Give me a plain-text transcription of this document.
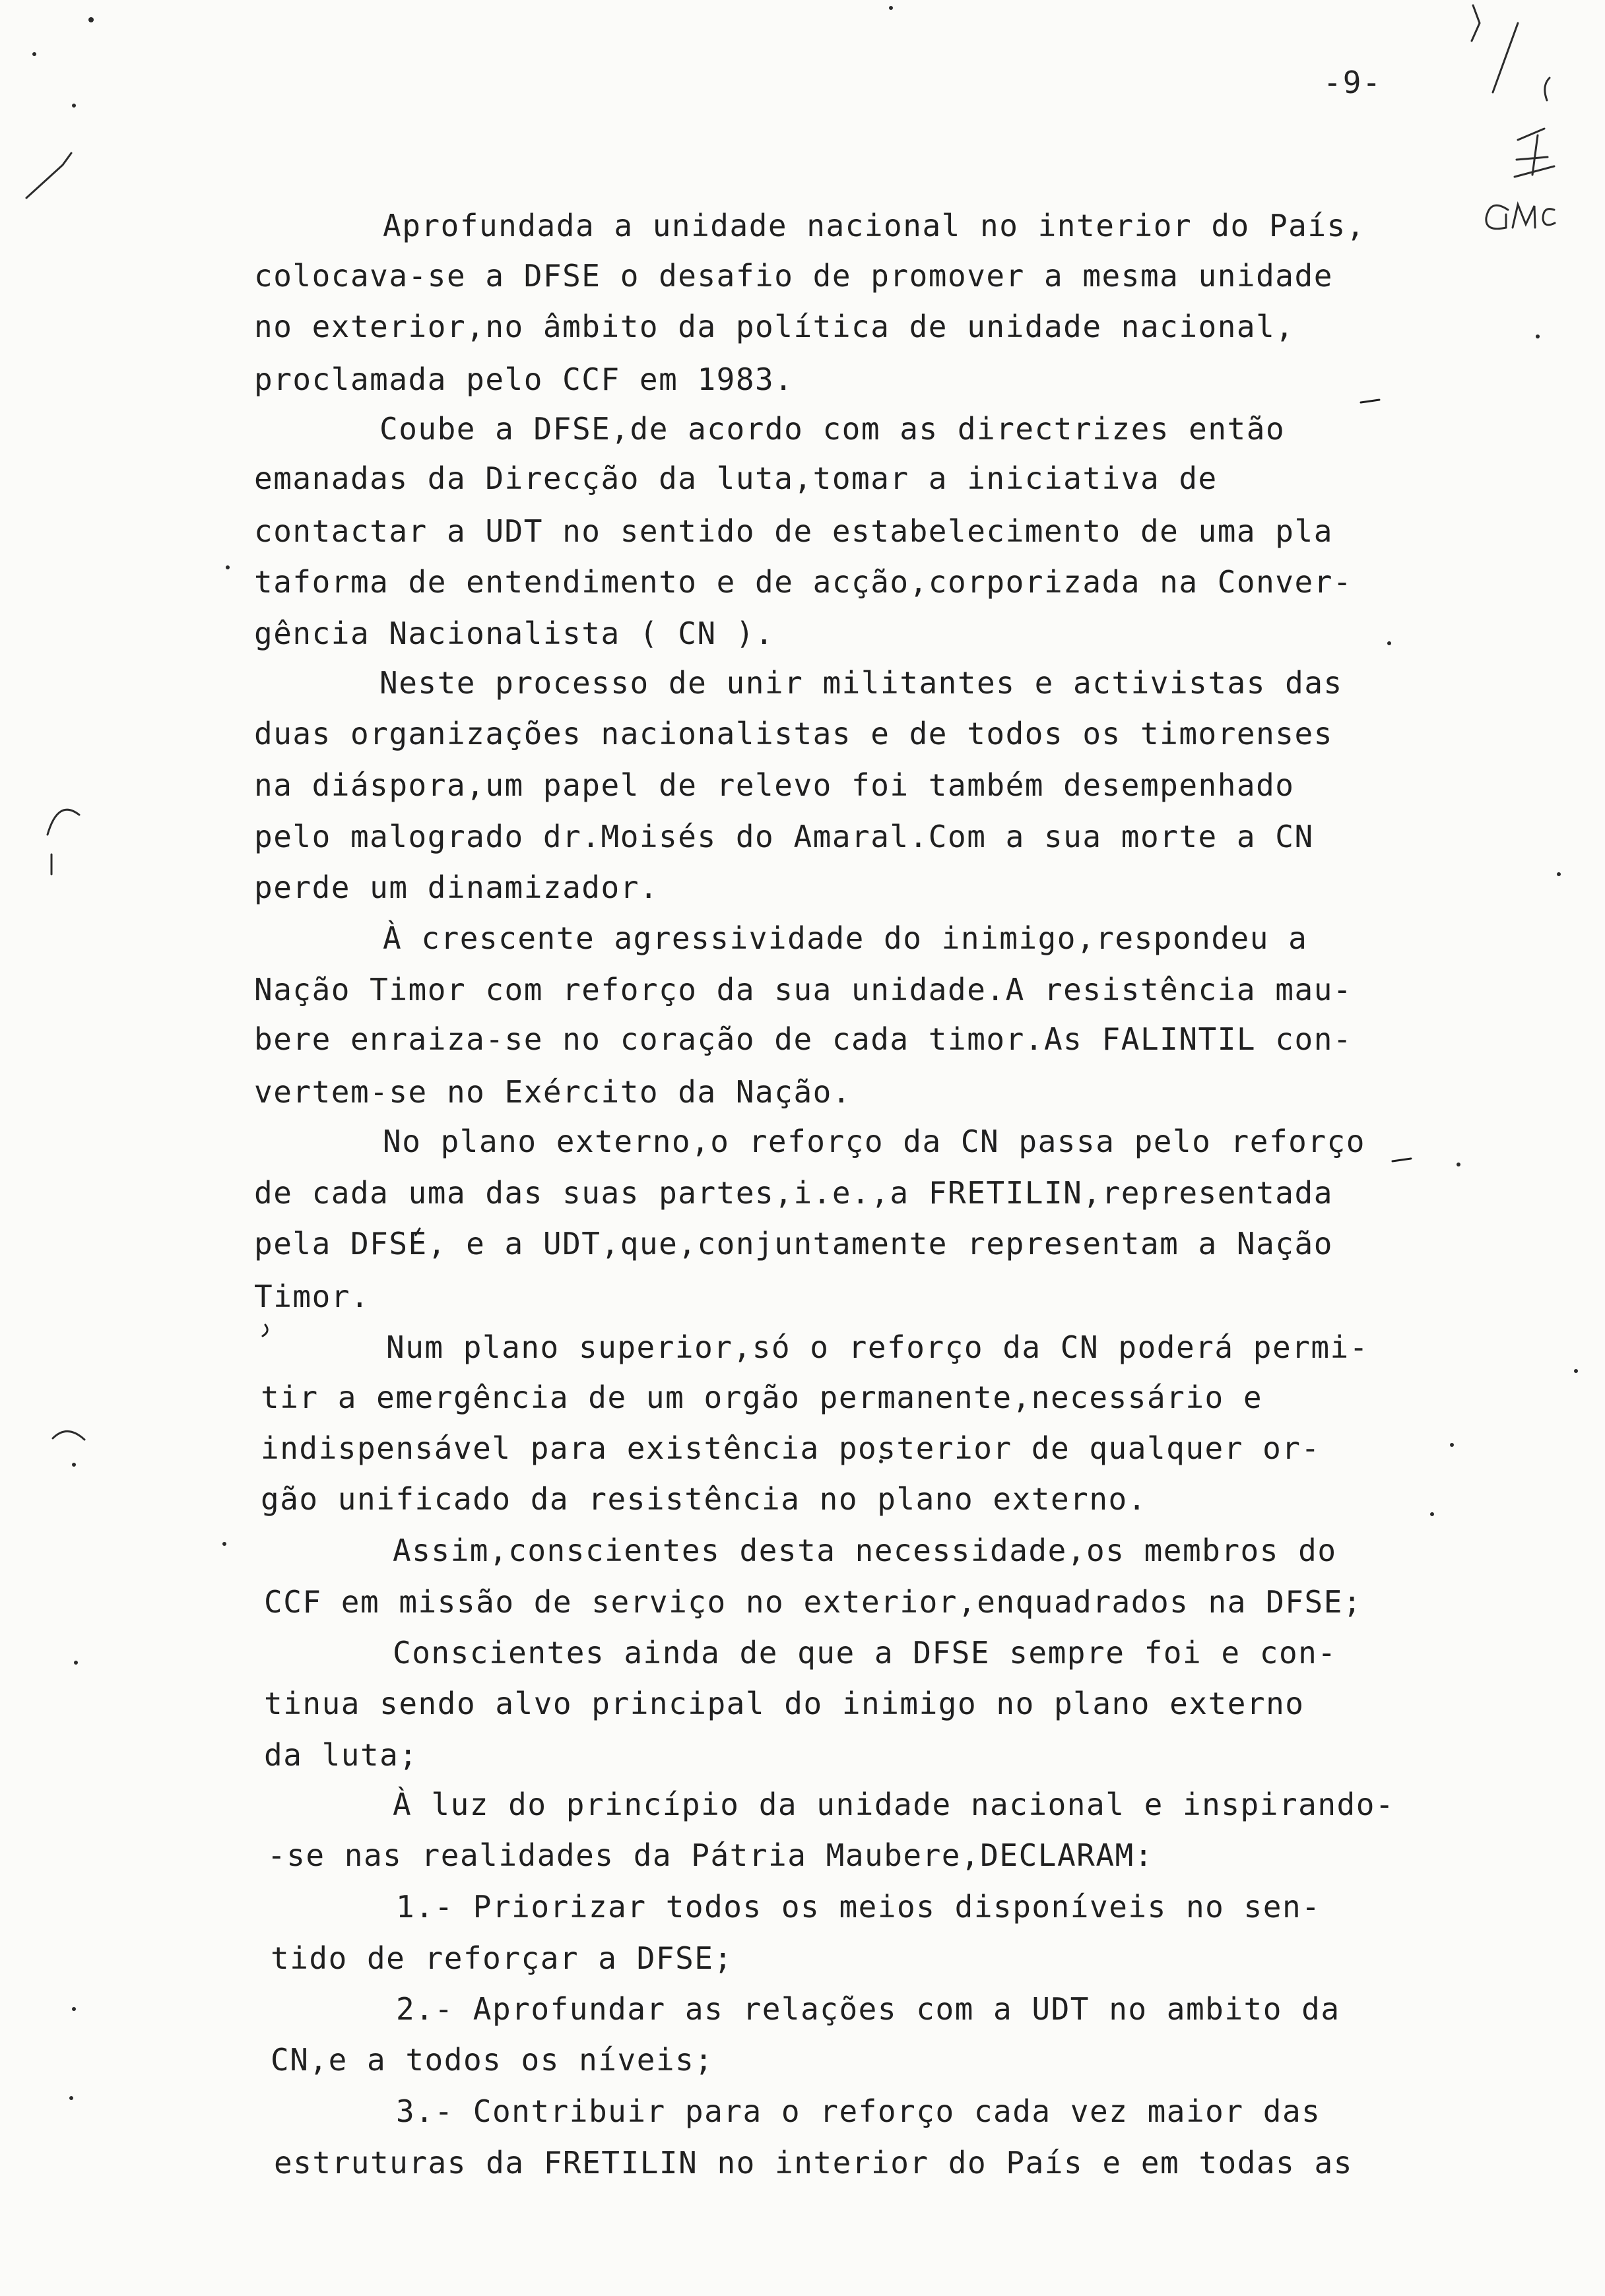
-9-
Aprofundada a unidade nacional no interior do País,
colocava-se a DFSE o desafio de promover a mesma unidade
no exterior,no âmbito da política de unidade nacional,
proclamada pelo CCF em 1983.
Coube a DFSE,de acordo com as directrizes então
emanadas da Direcção da luta,tomar a iniciativa de
contactar a UDT no sentido de estabelecimento de uma pla
taforma de entendimento e de acção,corporizada na Conver-
gência Nacionalista ( CN ).
Neste processo de unir militantes e activistas das
duas organizações nacionalistas e de todos os timorenses
na diáspora,um papel de relevo foi também desempenhado
pelo malogrado dr.Moisés do Amaral.Com a sua morte a CN
perde um dinamizador.
À crescente agressividade do inimigo,respondeu a
Nação Timor com reforço da sua unidade.A resistência mau-
bere enraiza-se no coração de cada timor.As FALINTIL con-
vertem-se no Exército da Nação.
No plano externo,o reforço da CN passa pelo reforço
de cada uma das suas partes,i.e.,a FRETILIN,representada
pela DFSE, e a UDT,que,conjuntamente representam a Nação
Timor.
Num plano superior,só o reforço da CN poderá permi-
tir a emergência de um orgão permanente,necessário e
indispensável para existência posterior de qualquer or-
gão unificado da resistência no plano externo.
Assim,conscientes desta necessidade,os membros do
CCF em missão de serviço no exterior,enquadrados na DFSE;
Conscientes ainda de que a DFSE sempre foi e con-
tinua sendo alvo principal do inimigo no plano externo
da luta;
À luz do princípio da unidade nacional e inspirando-
-se nas realidades da Pátria Maubere,DECLARAM:
1.- Priorizar todos os meios disponíveis no sen-
tido de reforçar a DFSE;
2.- Aprofundar as relações com a UDT no ambito da
CN,e a todos os níveis;
3.- Contribuir para o reforço cada vez maior das
estruturas da FRETILIN no interior do País e em todas as
